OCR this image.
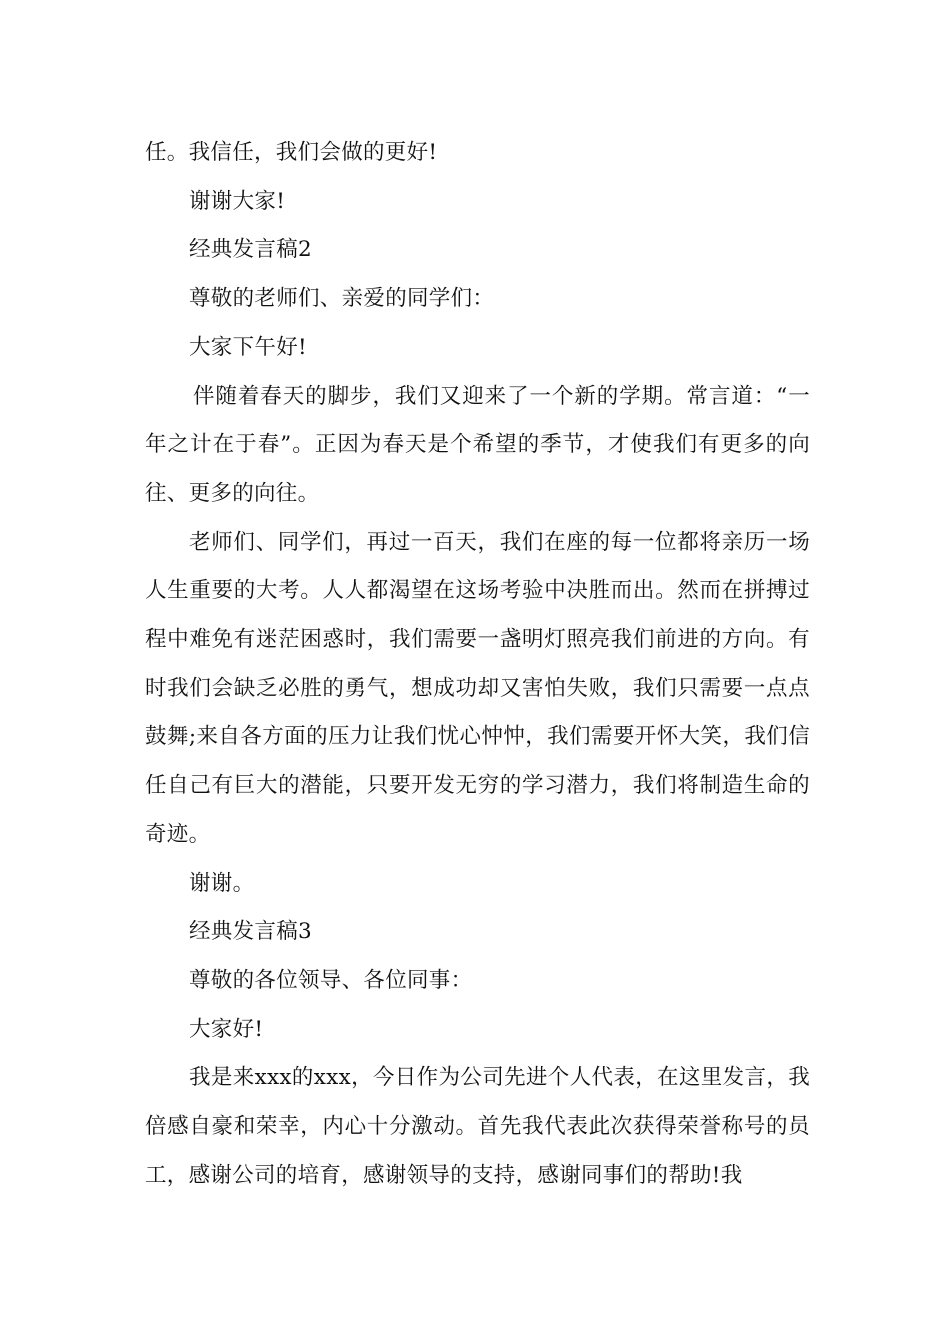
任。我信任，我们会做的更好!

谢谢大家!

经典发言稿2

尊敬的老师们、亲爱的同学们：

大家下午好!

伴随着春天的脚步，我们又迎来了一个新的学期。常言道：“一年之计在于春”。正因为春天是个希望的季节，才使我们有更多的向往、更多的向往。

老师们、同学们，再过一百天，我们在座的每一位都将亲历一场人生重要的大考。人人都渴望在这场考验中决胜而出。然而在拼搏过程中难免有迷茫困惑时，我们需要一盏明灯照亮我们前进的方向。有时我们会缺乏必胜的勇气，想成功却又害怕失败，我们只需要一点点鼓舞;来自各方面的压力让我们忧心忡忡，我们需要开怀大笑，我们信任自己有巨大的潜能，只要开发无穷的学习潜力，我们将制造生命的奇迹。

谢谢。

经典发言稿3

尊敬的各位领导、各位同事：

大家好!

我是来xxx的xxx，今日作为公司先进个人代表，在这里发言，我倍感自豪和荣幸，内心十分激动。首先我代表此次获得荣誉称号的员工，感谢公司的培育，感谢领导的支持，感谢同事们的帮助!我
